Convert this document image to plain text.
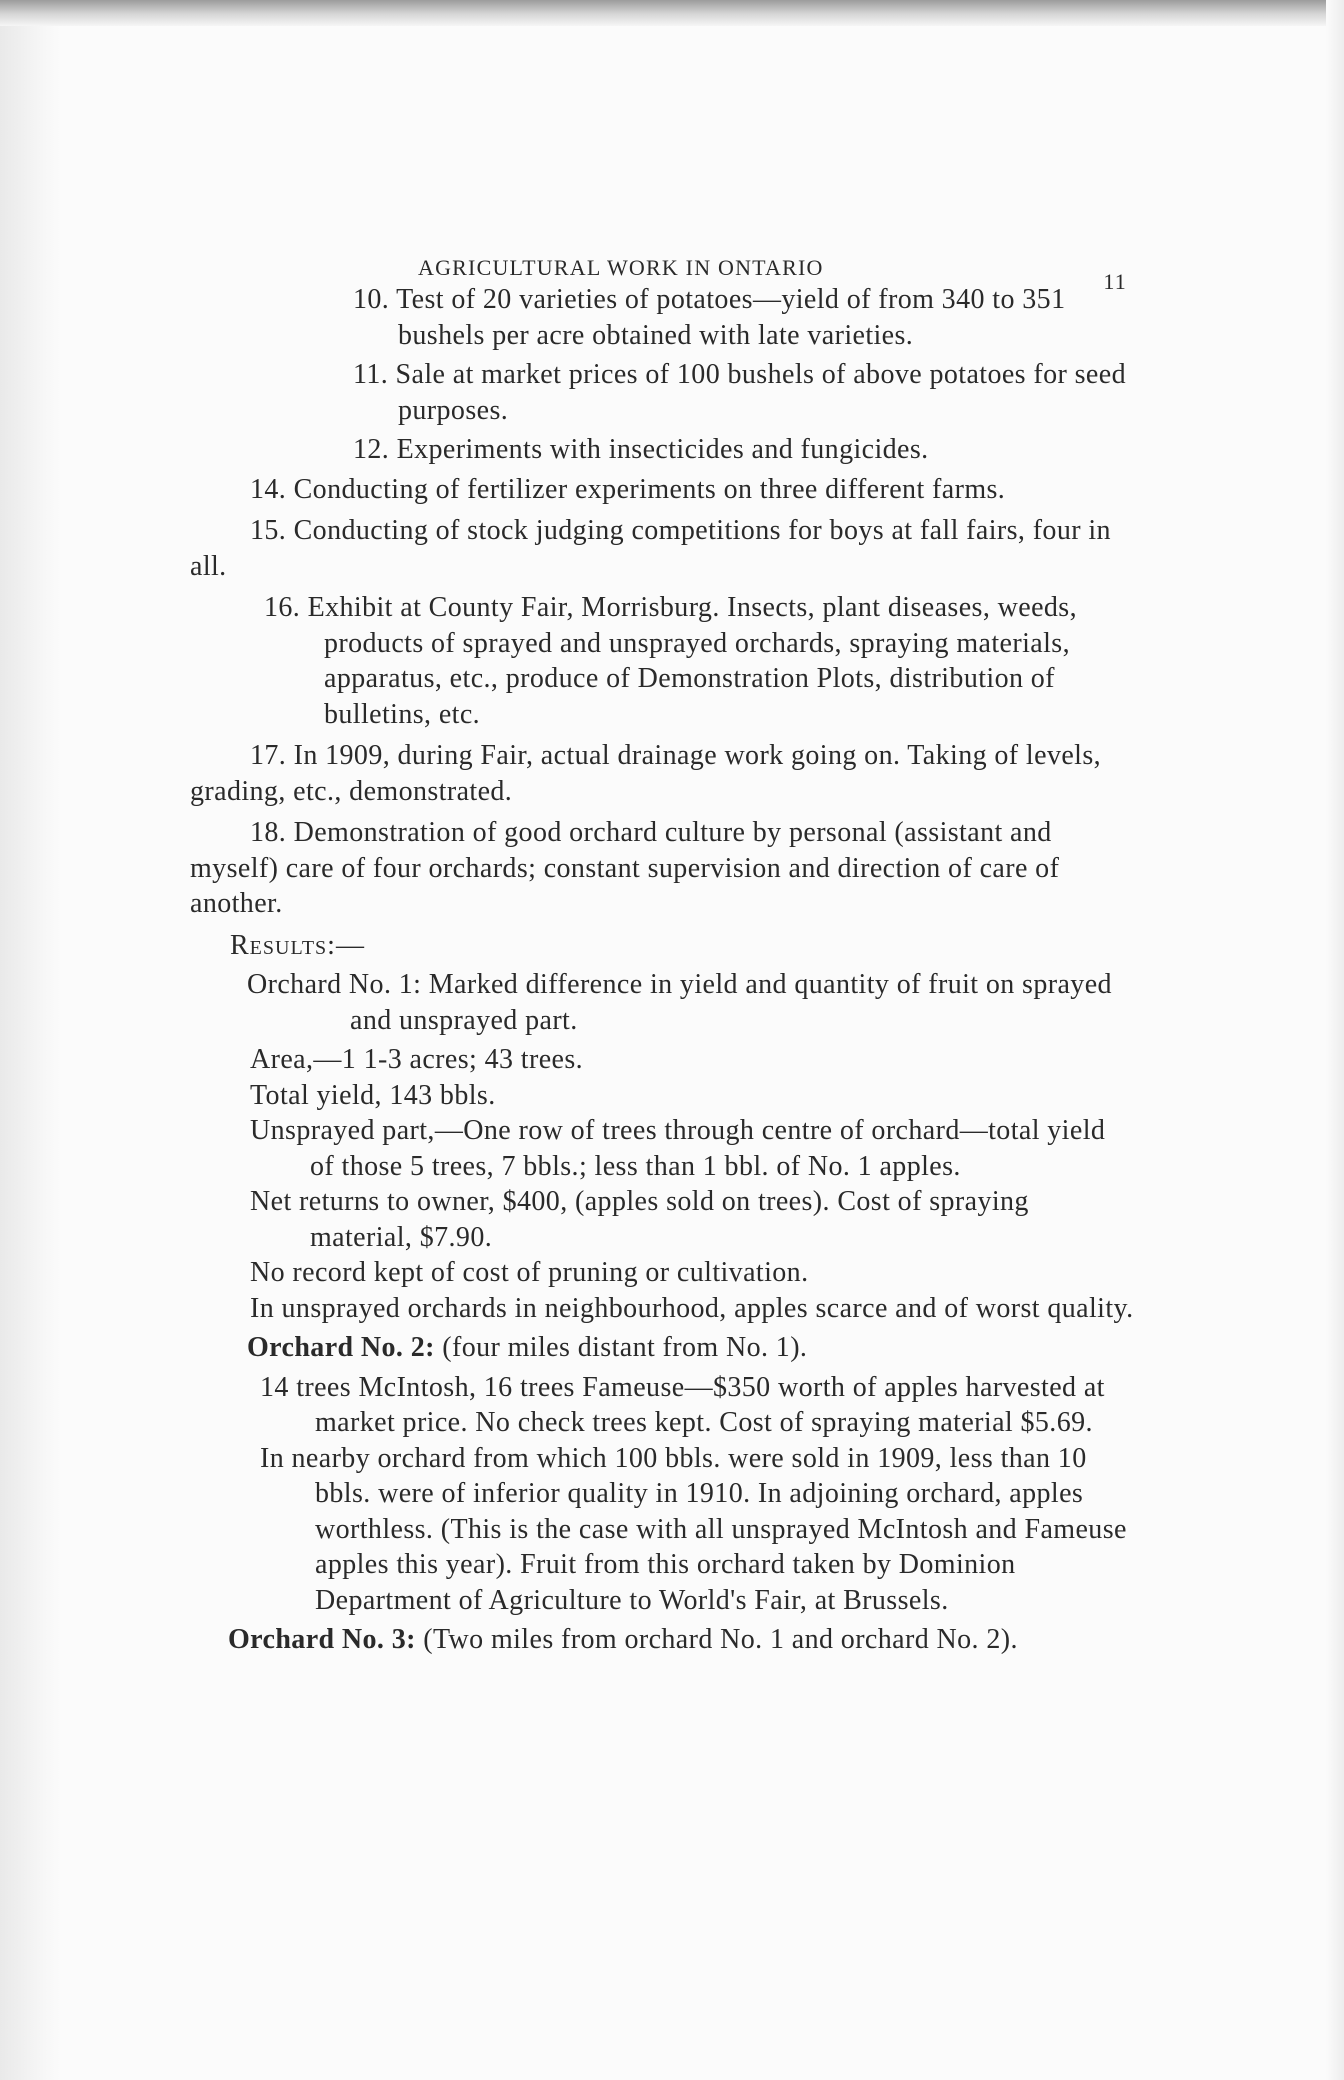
AGRICULTURAL WORK IN ONTARIO
11

10. Test of 20 varieties of potatoes—yield of from 340 to 351 bushels per acre obtained with late varieties.

11. Sale at market prices of 100 bushels of above potatoes for seed purposes.

12. Experiments with insecticides and fungicides.

14. Conducting of fertilizer experiments on three different farms.

15. Conducting of stock judging competitions for boys at fall fairs, four in all.

16. Exhibit at County Fair, Morrisburg. Insects, plant diseases, weeds, products of sprayed and unsprayed orchards, spraying materials, apparatus, etc., produce of Demonstration Plots, distribution of bulletins, etc.

17. In 1909, during Fair, actual drainage work going on. Taking of levels, grading, etc., demonstrated.

18. Demonstration of good orchard culture by personal (assistant and myself) care of four orchards; constant supervision and direction of care of another.

Results:—

Orchard No. 1: Marked difference in yield and quantity of fruit on sprayed and unsprayed part.

Area,—1 1-3 acres; 43 trees.

Total yield, 143 bbls.

Unsprayed part,—One row of trees through centre of orchard—total yield of those 5 trees, 7 bbls.; less than 1 bbl. of No. 1 apples.

Net returns to owner, $400, (apples sold on trees). Cost of spraying material, $7.90.

No record kept of cost of pruning or cultivation.

In unsprayed orchards in neighbourhood, apples scarce and of worst quality.

Orchard No. 2: (four miles distant from No. 1).

14 trees McIntosh, 16 trees Fameuse—$350 worth of apples harvested at market price. No check trees kept. Cost of spraying material $5.69.

In nearby orchard from which 100 bbls. were sold in 1909, less than 10 bbls. were of inferior quality in 1910. In adjoining orchard, apples worthless. (This is the case with all unsprayed McIntosh and Fameuse apples this year). Fruit from this orchard taken by Dominion Department of Agriculture to World's Fair, at Brussels.

Orchard No. 3: (Two miles from orchard No. 1 and orchard No. 2).
